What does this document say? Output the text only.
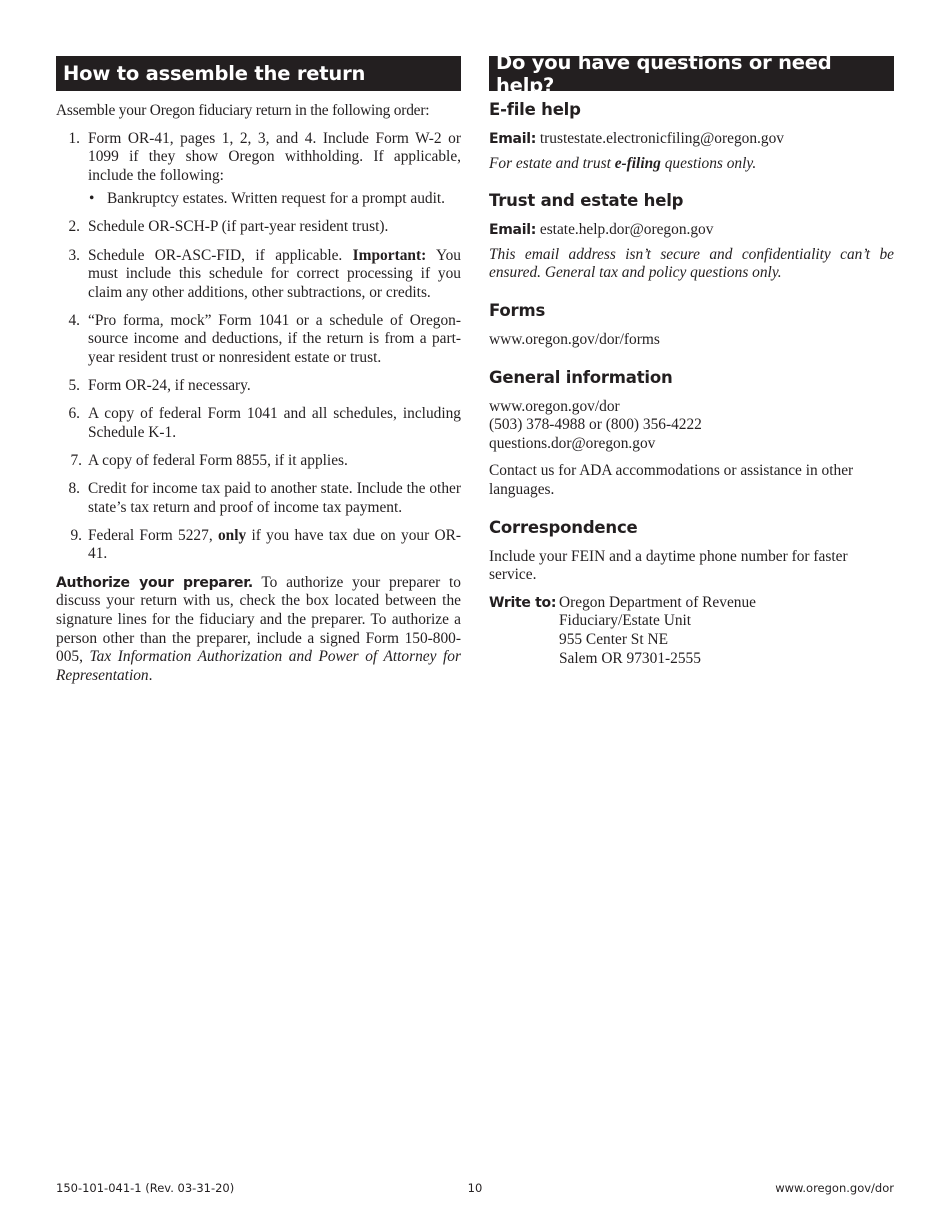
How to assemble the return

Assemble your Oregon fiduciary return in the following order:

1. Form OR-41, pages 1, 2, 3, and 4. Include Form W-2 or 1099 if they show Oregon withholding. If applicable, include the following:
• Bankruptcy estates. Written request for a prompt audit.
2. Schedule OR-SCH-P (if part-year resident trust).
3. Schedule OR-ASC-FID, if applicable. Important: You must include this schedule for correct processing if you claim any other additions, other subtractions, or credits.
4. “Pro forma, mock” Form 1041 or a schedule of Oregon-source income and deductions, if the return is from a part-year resident trust or nonresident estate or trust.
5. Form OR-24, if necessary.
6. A copy of federal Form 1041 and all schedules, including Schedule K-1.
7. A copy of federal Form 8855, if it applies.
8. Credit for income tax paid to another state. Include the other state’s tax return and proof of income tax payment.
9. Federal Form 5227, only if you have tax due on your OR-41.

Authorize your preparer. To authorize your preparer to discuss your return with us, check the box located between the signature lines for the fiduciary and the preparer. To authorize a person other than the preparer, include a signed Form 150-800-005, Tax Information Authorization and Power of Attorney for Representation.

Do you have questions or need help?
E-file help

Email: trustestate.electronicfiling@oregon.gov

For estate and trust e-filing questions only.

Trust and estate help

Email: estate.help.dor@oregon.gov

This email address isn’t secure and confidentiality can’t be ensured. General tax and policy questions only.

Forms

www.oregon.gov/dor/forms

General information

www.oregon.gov/dor

(503) 378-4988 or (800) 356-4222

questions.dor@oregon.gov

Contact us for ADA accommodations or assistance in other languages.

Correspondence

Include your FEIN and a daytime phone number for faster service.

Write to: Oregon Department of Revenue

Fiduciary/Estate Unit

955 Center St NE

Salem OR 97301-2555

150-101-041-1 (Rev. 03-31-20)	10	www.oregon.gov/dor
